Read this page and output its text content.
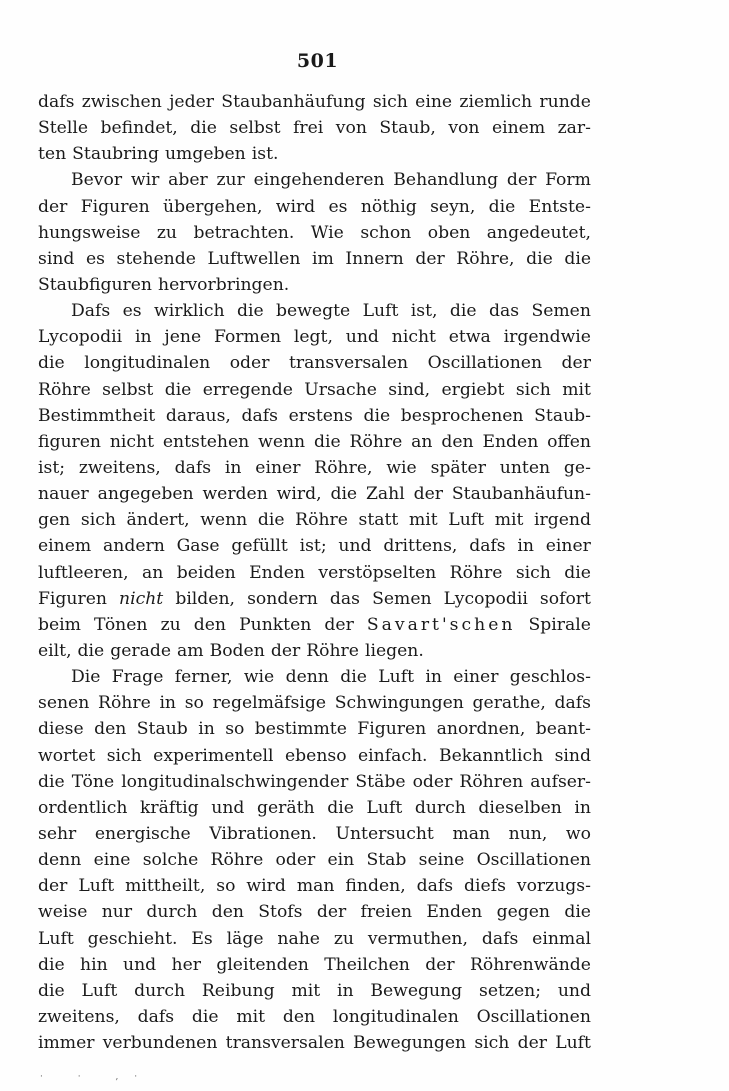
501
dafs zwischen jeder Staubanhäufung sich eine ziemlich runde
Stelle befindet, die selbst frei von Staub, von einem zar-
ten Staubring umgeben ist.
Bevor wir aber zur eingehenderen Behandlung der Form
der Figuren übergehen, wird es nöthig seyn, die Entste-
hungsweise zu betrachten. Wie schon oben angedeutet,
sind es stehende Luftwellen im Innern der Röhre, die die
Staubfiguren hervorbringen.
Dafs es wirklich die bewegte Luft ist, die das Semen
Lycopodii in jene Formen legt, und nicht etwa irgendwie
die longitudinalen oder transversalen Oscillationen der
Röhre selbst die erregende Ursache sind, ergiebt sich mit
Bestimmtheit daraus, dafs erstens die besprochenen Staub-
figuren nicht entstehen wenn die Röhre an den Enden offen
ist; zweitens, dafs in einer Röhre, wie später unten ge-
nauer angegeben werden wird, die Zahl der Staubanhäufun-
gen sich ändert, wenn die Röhre statt mit Luft mit irgend
einem andern Gase gefüllt ist; und drittens, dafs in einer
luftleeren, an beiden Enden verstöpselten Röhre sich die
Figuren nicht bilden, sondern das Semen Lycopodii sofort
beim Tönen zu den Punkten der Savart'schen Spirale
eilt, die gerade am Boden der Röhre liegen.
Die Frage ferner, wie denn die Luft in einer geschlos-
senen Röhre in so regelmäfsige Schwingungen gerathe, dafs
diese den Staub in so bestimmte Figuren anordnen, beant-
wortet sich experimentell ebenso einfach. Bekanntlich sind
die Töne longitudinalschwingender Stäbe oder Röhren aufser-
ordentlich kräftig und geräth die Luft durch dieselben in
sehr energische Vibrationen. Untersucht man nun, wo
denn eine solche Röhre oder ein Stab seine Oscillationen
der Luft mittheilt, so wird man finden, dafs diefs vorzugs-
weise nur durch den Stofs der freien Enden gegen die
Luft geschieht. Es läge nahe zu vermuthen, dafs einmal
die hin und her gleitenden Theilchen der Röhrenwände
die Luft durch Reibung mit in Bewegung setzen; und
zweitens, dafs die mit den longitudinalen Oscillationen
immer verbundenen transversalen Bewegungen sich der Luft
· · ,·
